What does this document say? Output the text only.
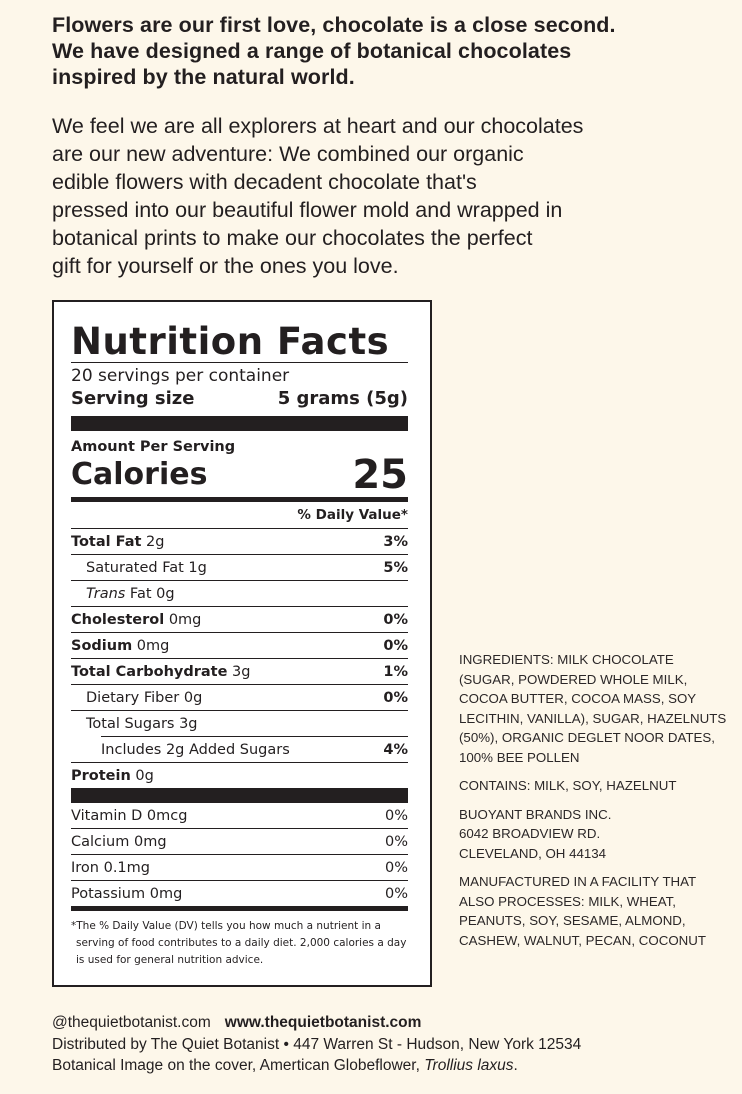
Flowers are our first love, chocolate is a close second.

We have designed a range of botanical chocolates

inspired by the natural world.

We feel we are all explorers at heart and our chocolates

are our new adventure: We combined our organic

edible flowers with decadent chocolate that's

pressed into our beautiful flower mold and wrapped in

botanical prints to make our chocolates the perfect

gift for yourself or the ones you love.

Nutrition Facts
20 servings per container
Serving size	5 grams (5g)
Amount Per Serving
Calories	25
% Daily Value*
Total Fat 2g	3%
Saturated Fat 1g	5%
Trans Fat 0g
Cholesterol 0mg	0%
Sodium 0mg	0%
Total Carbohydrate 3g	1%
Dietary Fiber 0g	0%
Total Sugars 3g
Includes 2g Added Sugars	4%
Protein 0g
Vitamin D 0mcg	0%
Calcium 0mg	0%
Iron 0.1mg	0%
Potassium 0mg	0%
*The % Daily Value (DV) tells you how much a nutrient in a serving of food contributes to a daily diet. 2,000 calories a day is used for general nutrition advice.

INGREDIENTS: MILK CHOCOLATE (SUGAR, POWDERED WHOLE MILK, COCOA BUTTER, COCOA MASS, SOY LECITHIN, VANILLA), SUGAR, HAZELNUTS (50%), ORGANIC DEGLET NOOR DATES, 100% BEE POLLEN

CONTAINS: MILK, SOY, HAZELNUT

BUOYANT BRANDS INC.
6042 BROADVIEW RD.
CLEVELAND, OH 44134

MANUFACTURED IN A FACILITY THAT ALSO PROCESSES: MILK, WHEAT, PEANUTS, SOY, SESAME, ALMOND, CASHEW, WALNUT, PECAN, COCONUT

@thequietbotanist.com www.thequietbotanist.com
Distributed by The Quiet Botanist • 447 Warren St - Hudson, New York 12534
Botanical Image on the cover, Amertican Globeflower, Trollius laxus.
